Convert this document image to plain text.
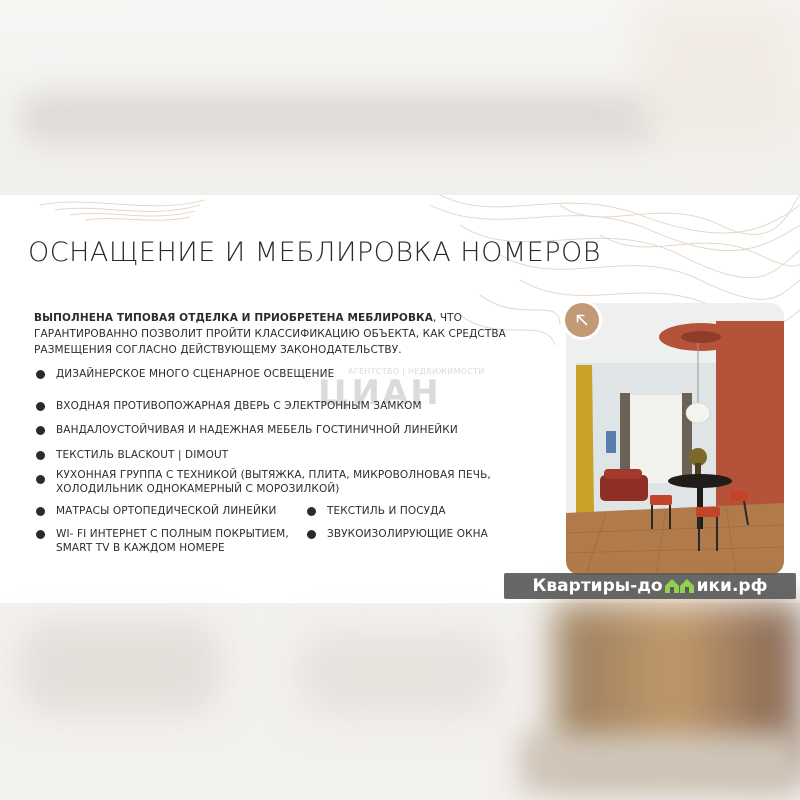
ОСНАЩЕНИЕ И МЕБЛИРОВКА НОМЕРОВ
ВЫПОЛНЕНА ТИПОВАЯ ОТДЕЛКА И ПРИОБРЕТЕНА МЕБЛИРОВКА, ЧТО ГАРАНТИРОВАННО ПОЗВОЛИТ ПРОЙТИ КЛАССИФИКАЦИЮ ОБЪЕКТА, КАК СРЕДСТВА РАЗМЕЩЕНИЯ СОГЛАСНО ДЕЙСТВУЮЩЕМУ ЗАКОНОДАТЕЛЬСТВУ.
АГЕНТСТВО | НЕДВИЖИМОСТИ
ЦИАН
ДИЗАЙНЕРСКОЕ МНОГО СЦЕНАРНОЕ ОСВЕЩЕНИЕ
ВХОДНАЯ ПРОТИВОПОЖАРНАЯ ДВЕРЬ С ЭЛЕКТРОННЫМ ЗАМКОМ
ВАНДАЛОУСТОЙЧИВАЯ И НАДЕЖНАЯ МЕБЕЛЬ ГОСТИНИЧНОЙ ЛИНЕЙКИ
ТЕКСТИЛЬ BLACKOUT | DIMOUT
КУХОННАЯ ГРУППА С ТЕХНИКОЙ (ВЫТЯЖКА, ПЛИТА, МИКРОВОЛНОВАЯ ПЕЧЬ, ХОЛОДИЛЬНИК ОДНОКАМЕРНЫЙ С МОРОЗИЛКОЙ)
МАТРАСЫ ОРТОПЕДИЧЕСКОЙ ЛИНЕЙКИ	ТЕКСТИЛЬ И ПОСУДА
WI- FI ИНТЕРНЕТ С ПОЛНЫМ ПОКРЫТИЕМ, SMART TV В КАЖДОМ НОМЕРЕ
ЗВУКОИЗОЛИРУЮЩИЕ ОКНА
Квартиры-до ики.рф
